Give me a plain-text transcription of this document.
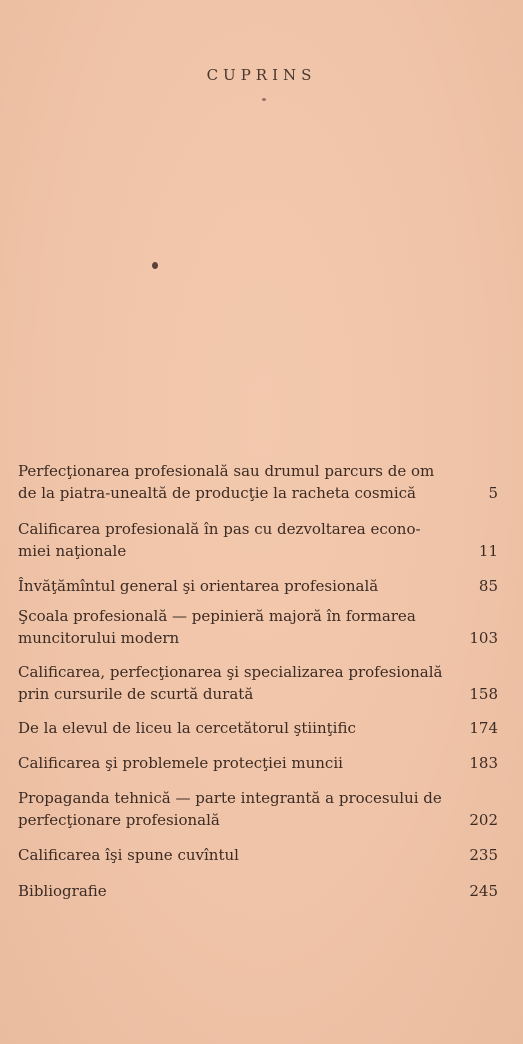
CUPRINS
Perfecţionarea profesională sau drumul parcurs de om
de la piatra-unealtă de producţie la racheta cosmică	5
Calificarea profesională în pas cu dezvoltarea econo-
miei naţionale	11
Învăţămîntul general şi orientarea profesională	85
Şcoala profesională — pepinieră majoră în formarea
muncitorului modern	103
Calificarea, perfecţionarea şi specializarea profesională
prin cursurile de scurtă durată	158
De la elevul de liceu la cercetătorul ştiinţific	174
Calificarea şi problemele protecţiei muncii	183
Propaganda tehnică — parte integrantă a procesului de
perfecţionare profesională	202
Calificarea îşi spune cuvîntul	235
Bibliografie	245
